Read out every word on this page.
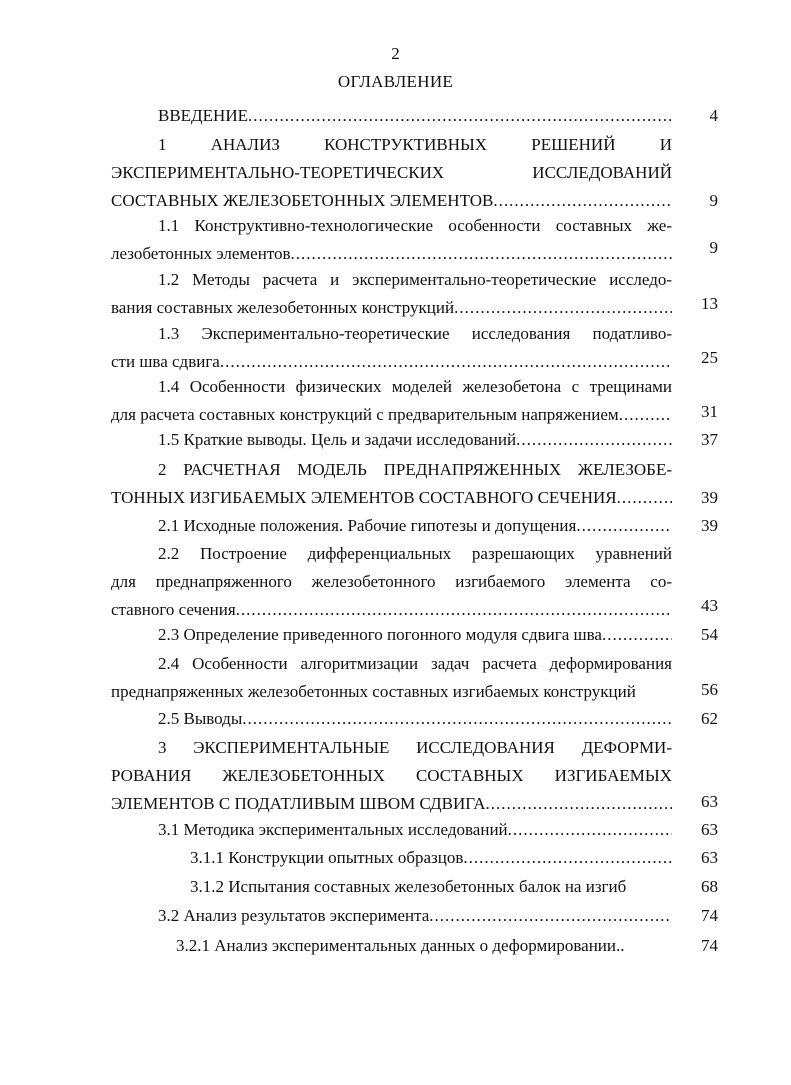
2
ОГЛАВЛЕНИЕ
ВВЕДЕНИЕ .....	4
1 АНАЛИЗ КОНСТРУКТИВНЫХ РЕШЕНИЙ И
ЭКСПЕРИМЕНТАЛЬНО-ТЕОРЕТИЧЕСКИХ ИССЛЕДОВАНИЙ
СОСТАВНЫХ ЖЕЛЕЗОБЕТОННЫХ ЭЛЕМЕНТОВ .....	9
1.1 Конструктивно-технологические особенности составных же-
лезобетонных элементов .....	9
1.2 Методы расчета и экспериментально-теоретические исследо-
вания составных железобетонных конструкций .....	13
1.3 Экспериментально-теоретические исследования податливо-
сти шва сдвига .....	25
1.4 Особенности физических моделей железобетона с трещинами
для расчета составных конструкций с предварительным напряжением .....	31
1.5 Краткие выводы. Цель и задачи исследований .....	37
2 РАСЧЕТНАЯ МОДЕЛЬ ПРЕДНАПРЯЖЕННЫХ ЖЕЛЕЗОБЕ-
ТОННЫХ ИЗГИБАЕМЫХ ЭЛЕМЕНТОВ СОСТАВНОГО СЕЧЕНИЯ .....	39
2.1 Исходные положения. Рабочие гипотезы и допущения .....	39
2.2 Построение дифференциальных разрешающих уравнений
для преднапряженного железобетонного изгибаемого элемента со-
ставного сечения .....	43
2.3 Определение приведенного погонного модуля сдвига шва .....	54
2.4 Особенности алгоритмизации задач расчета деформирования
преднапряженных железобетонных составных изгибаемых конструкций	56
2.5 Выводы .....	62
3 ЭКСПЕРИМЕНТАЛЬНЫЕ ИССЛЕДОВАНИЯ ДЕФОРМИ-
РОВАНИЯ ЖЕЛЕЗОБЕТОННЫХ СОСТАВНЫХ ИЗГИБАЕМЫХ
ЭЛЕМЕНТОВ С ПОДАТЛИВЫМ ШВОМ СДВИГА .....	63
3.1 Методика экспериментальных исследований .....	63
3.1.1 Конструкции опытных образцов .....	63
3.1.2 Испытания составных железобетонных балок на изгиб	68
3.2 Анализ результатов эксперимента .....	74
3.2.1 Анализ экспериментальных данных о деформировании..	74
